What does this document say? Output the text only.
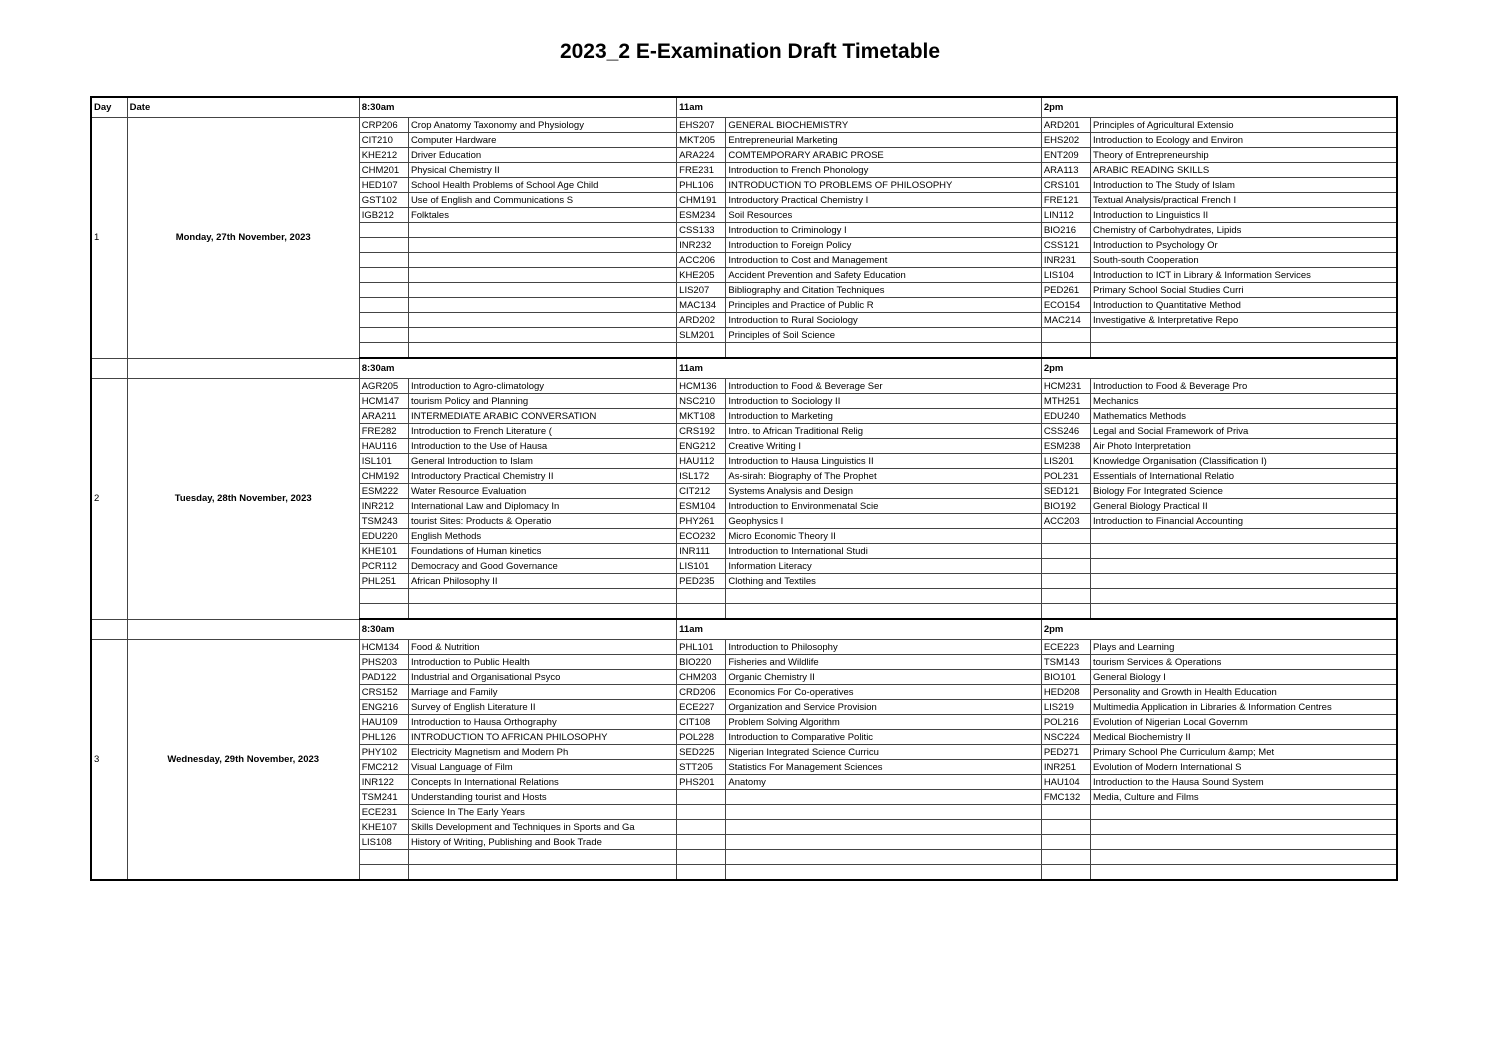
2023_2 E-Examination Draft Timetable
Day	Date	8:30am		11am		2pm	
1	Monday, 27th November, 2023	CRP206	Crop Anatomy Taxonomy and Physiology	EHS207	GENERAL BIOCHEMISTRY	ARD201	Principles of Agricultural Extensio
		CIT210	Computer Hardware	MKT205	Entrepreneurial Marketing	EHS202	Introduction to Ecology and Environ
		KHE212	Driver Education	ARA224	COMTEMPORARY ARABIC PROSE	ENT209	Theory of Entrepreneurship
		CHM201	Physical Chemistry II	FRE231	Introduction to French Phonology	ARA113	ARABIC READING SKILLS
		HED107	School Health Problems of School Age Child	PHL106	INTRODUCTION TO PROBLEMS OF PHILOSOPHY	CRS101	Introduction to The Study of Islam
		GST102	Use of English and Communications S	CHM191	Introductory Practical Chemistry I	FRE121	Textual Analysis/practical French I
		IGB212	Folktales	ESM234	Soil Resources	LIN112	Introduction to Linguistics II
				CSS133	Introduction to Criminology I	BIO216	Chemistry of Carbohydrates, Lipids
				INR232	Introduction to Foreign Policy	CSS121	Introduction to Psychology Or
				ACC206	Introduction to Cost and Management	INR231	South-south Cooperation
				KHE205	Accident Prevention and Safety Education	LIS104	Introduction to ICT in Library & Information Services
				LIS207	Bibliography and Citation Techniques	PED261	Primary School Social Studies Curri
				MAC134	Principles and Practice of Public R	ECO154	Introduction to Quantitative Method
				ARD202	Introduction to Rural Sociology	MAC214	Investigative & Interpretative Repo
				SLM201	Principles of Soil Science		

		8:30am		11am		2pm	
2	Tuesday, 28th November, 2023	AGR205	Introduction to Agro-climatology	HCM136	Introduction to Food & Beverage Ser	HCM231	Introduction to Food & Beverage Pro
		HCM147	tourism Policy and Planning	NSC210	Introduction to Sociology II	MTH251	Mechanics
		ARA211	INTERMEDIATE ARABIC CONVERSATION	MKT108	Introduction to Marketing	EDU240	Mathematics Methods
		FRE282	Introduction to French Literature (	CRS192	Intro. to African Traditional Relig	CSS246	Legal and Social Framework of Priva
		HAU116	Introduction to the Use of Hausa	ENG212	Creative Writing I	ESM238	Air Photo Interpretation
		ISL101	General Introduction to Islam	HAU112	Introduction to Hausa Linguistics II	LIS201	Knowledge Organisation (Classification I)
		CHM192	Introductory Practical Chemistry II	ISL172	As-sirah: Biography of The Prophet	POL231	Essentials of International Relatio
		ESM222	Water Resource Evaluation	CIT212	Systems Analysis and Design	SED121	Biology For Integrated Science
		INR212	International Law and Diplomacy In	ESM104	Introduction to Environmenatal Scie	BIO192	General Biology Practical II
		TSM243	tourist Sites: Products & Operatio	PHY261	Geophysics I	ACC203	Introduction to Financial Accounting
		EDU220	English Methods	ECO232	Micro Economic Theory II		
		KHE101	Foundations of Human kinetics	INR111	Introduction to International Studi		
		PCR112	Democracy and Good Governance	LIS101	Information Literacy		
		PHL251	African Philosophy II	PED235	Clothing and Textiles		

		8:30am		11am		2pm	
3	Wednesday, 29th November, 2023	HCM134	Food & Nutrition	PHL101	Introduction to Philosophy	ECE223	Plays and Learning
		PHS203	Introduction to Public Health	BIO220	Fisheries and Wildlife	TSM143	tourism Services & Operations
		PAD122	Industrial and Organisational Psyco	CHM203	Organic Chemistry II	BIO101	General Biology I
		CRS152	Marriage and Family	CRD206	Economics For Co-operatives	HED208	Personality and Growth in Health Education
		ENG216	Survey of English Literature II	ECE227	Organization and Service Provision	LIS219	Multimedia Application in Libraries & Information Centres
		HAU109	Introduction to Hausa Orthography	CIT108	Problem Solving Algorithm	POL216	Evolution of Nigerian Local Governm
		PHL126	INTRODUCTION TO AFRICAN PHILOSOPHY	POL228	Introduction to Comparative Politic	NSC224	Medical Biochemistry II
		PHY102	Electricity Magnetism and Modern Ph	SED225	Nigerian Integrated Science Curricu	PED271	Primary School Phe Curriculum &amp; Met
		FMC212	Visual Language of Film	STT205	Statistics For Management Sciences	INR251	Evolution of Modern International S
		INR122	Concepts In International Relations	PHS201	Anatomy	HAU104	Introduction to the Hausa Sound System
		TSM241	Understanding tourist and Hosts			FMC132	Media, Culture and Films
		ECE231	Science In The Early Years				
		KHE107	Skills Development and Techniques in Sports and Ga				
		LIS108	History of Writing, Publishing and Book Trade				
